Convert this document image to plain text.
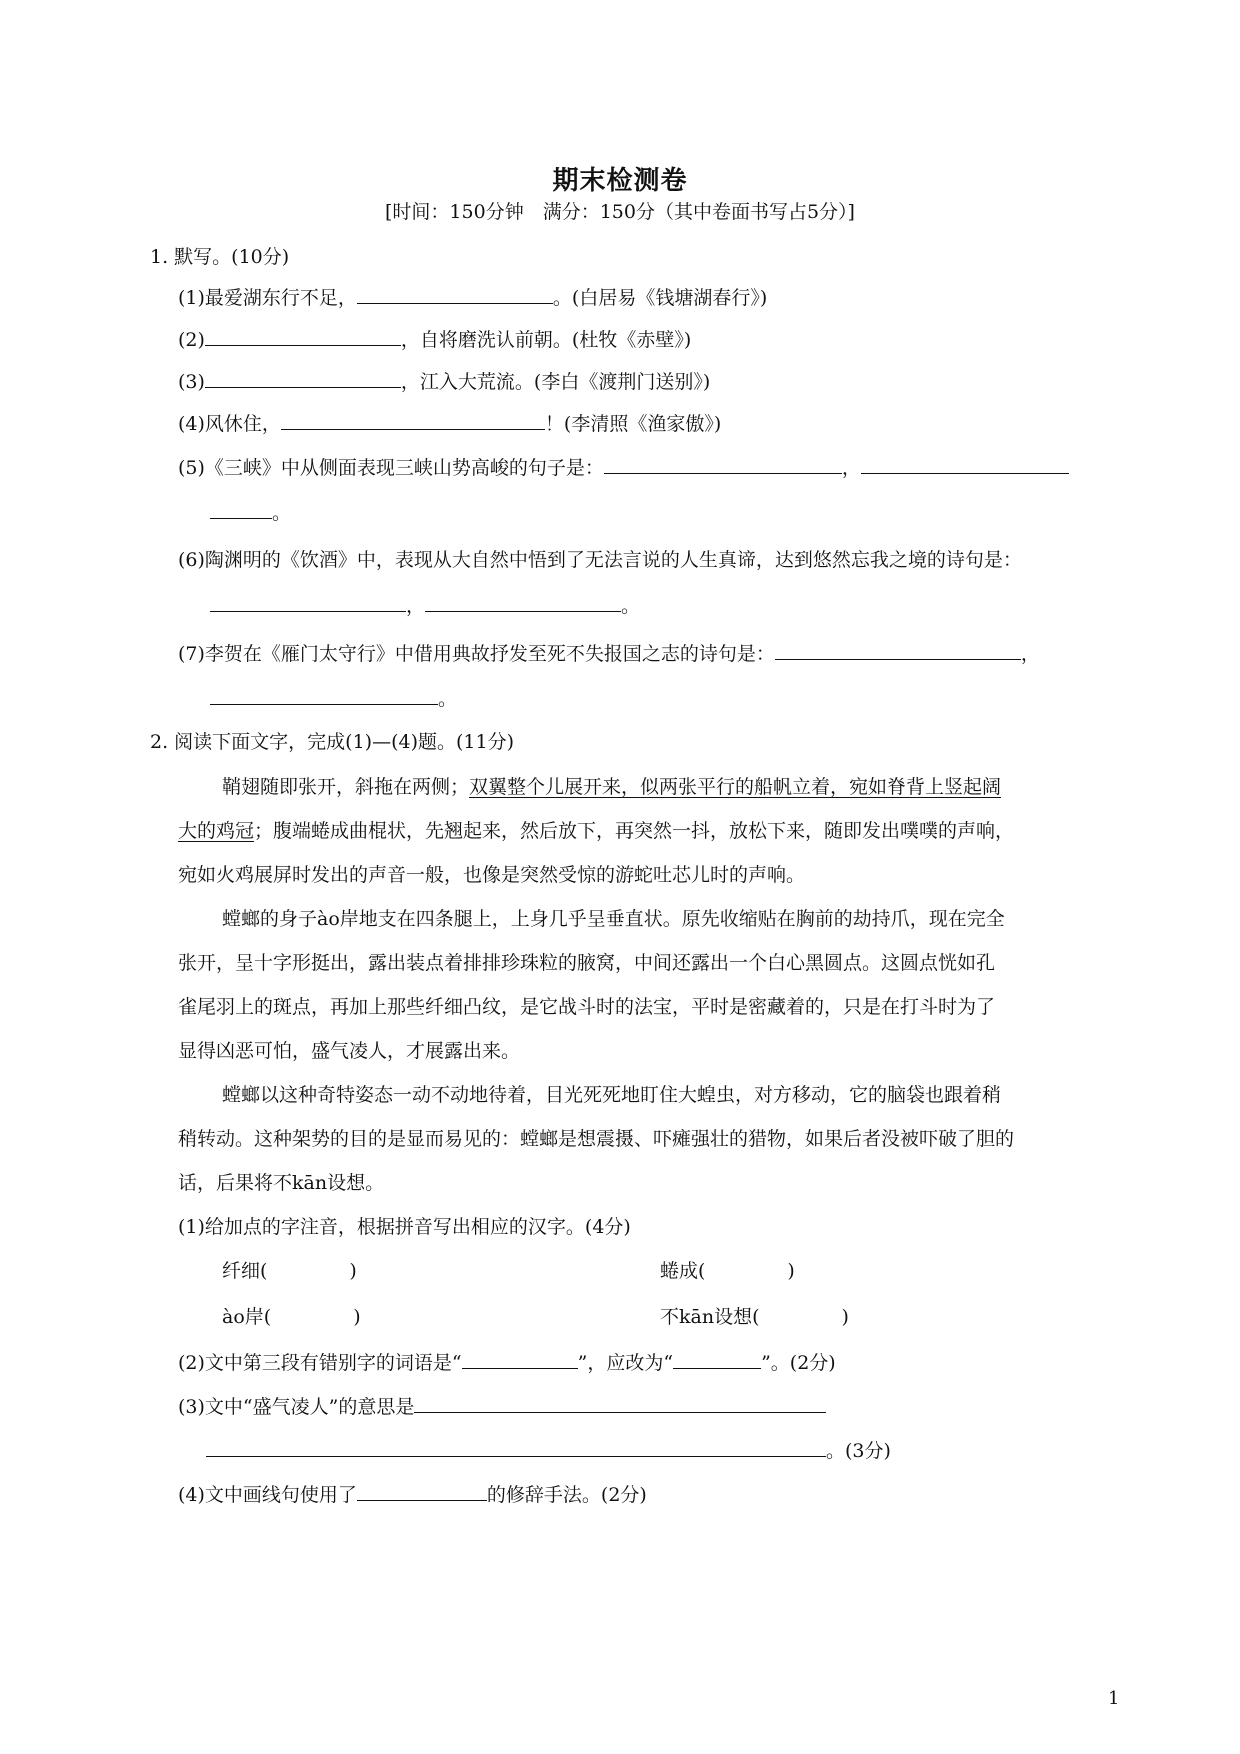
期末检测卷
[时间：150分钟　满分：150分（其中卷面书写占5分）]
1. 默写。(10分)
(1)最爱湖东行不足，	。(白居易《钱塘湖春行》)
(2)	，自将磨洗认前朝。(杜牧《赤壁》)
(3)	，江入大荒流。(李白《渡荆门送别》)
(4)风休住，	！(李清照《渔家傲》)
(5)《三峡》中从侧面表现三峡山势高峻的句子是：	，
。
(6)陶渊明的《饮酒》中，表现从大自然中悟到了无法言说的人生真谛，达到悠然忘我之境的诗句是：
，	。
(7)李贺在《雁门太守行》中借用典故抒发至死不失报国之志的诗句是：	，
。
2. 阅读下面文字，完成(1)—(4)题。(11分)
鞘翅随即张开，斜拖在两侧；双翼整个儿展开来，似两张平行的船帆立着，宛如脊背上竖起阔
大的鸡冠；腹端蜷成曲棍状，先翘起来，然后放下，再突然一抖，放松下来，随即发出噗噗的声响，
宛如火鸡展屏时发出的声音一般，也像是突然受惊的游蛇吐芯儿时的声响。
螳螂的身子ào岸地支在四条腿上，上身几乎呈垂直状。原先收缩贴在胸前的劫持爪，现在完全
张开，呈十字形挺出，露出装点着排排珍珠粒的腋窝，中间还露出一个白心黑圆点。这圆点恍如孔
雀尾羽上的斑点，再加上那些纤细凸纹，是它战斗时的法宝，平时是密藏着的，只是在打斗时为了
显得凶恶可怕，盛气凌人，才展露出来。
螳螂以这种奇特姿态一动不动地待着，目光死死地盯住大蝗虫，对方移动，它的脑袋也跟着稍
稍转动。这种架势的目的是显而易见的：螳螂是想震摄、吓瘫强壮的猎物，如果后者没被吓破了胆的
话，后果将不kān设想。
(1)给加点的字注音，根据拼音写出相应的汉字。(4分)
纤细(	)	蜷成(	)
ào岸(	)	不kān设想(	)
(2)文中第三段有错别字的词语是“	”，应改为“	”。(2分)
(3)文中“盛气凌人”的意思是
。(3分)
(4)文中画线句使用了	的修辞手法。(2分)
1
